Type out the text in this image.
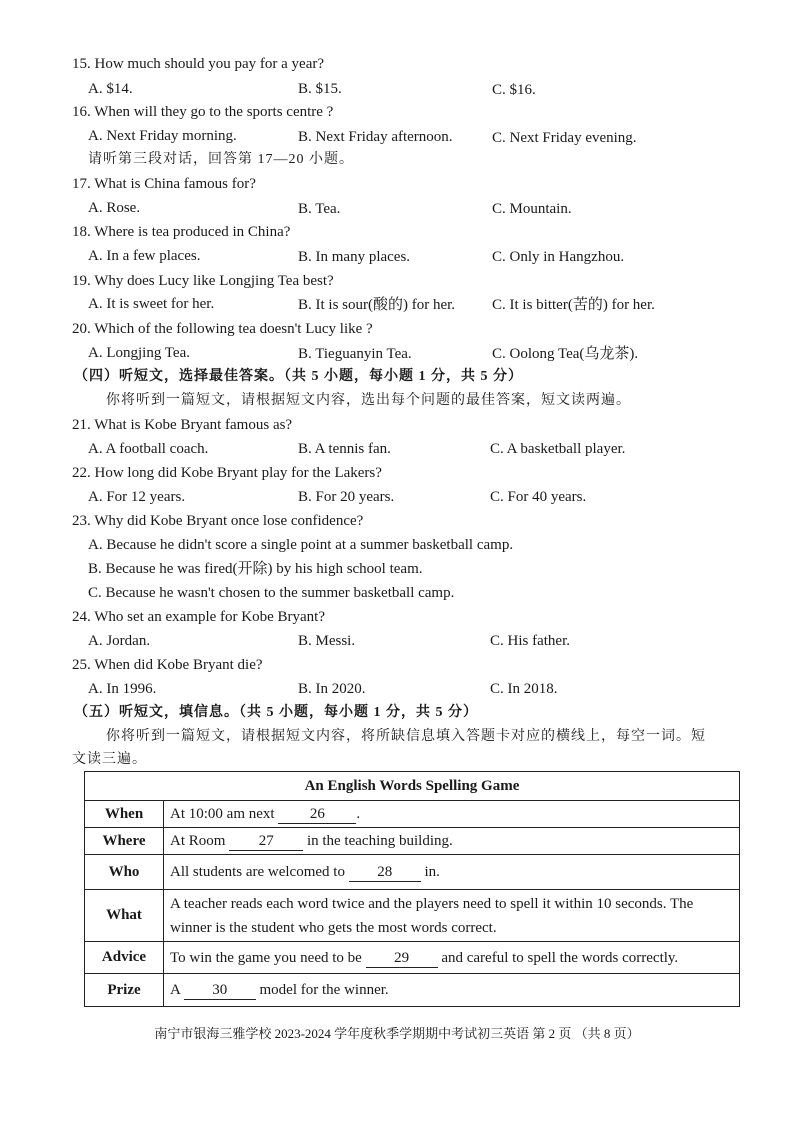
15. How much should you pay for a year?
A. $14.	B. $15.	C. $16.
16. When will they go to the sports centre ?
A. Next Friday morning.	B. Next Friday afternoon.	C. Next Friday evening.
请听第三段对话，回答第 17—20 小题。
17. What is China famous for?
A. Rose.	B. Tea.	C. Mountain.
18. Where is tea produced in China?
A. In a few places.	B. In many places.	C. Only in Hangzhou.
19. Why does Lucy like Longjing Tea best?
A. It is sweet for her.	B. It is sour(酸的) for her. C. It is bitter(苦的) for her.
20. Which of the following tea doesn't Lucy like ?
A. Longjing Tea.	B. Tieguanyin Tea.	C. Oolong Tea(乌龙茶).
（四）听短文，选择最佳答案。（共 5 小题，每小题 1 分，共 5 分）
你将听到一篇短文，请根据短文内容，选出每个问题的最佳答案，短文读两遍。
21. What is Kobe Bryant famous as?
A. A football coach.	B. A tennis fan.	C. A basketball player.
22. How long did Kobe Bryant play for the Lakers?
A. For 12 years.	B. For 20 years.	C. For 40 years.
23. Why did Kobe Bryant once lose confidence?
A. Because he didn't score a single point at a summer basketball camp.
B. Because he was fired(开除) by his high school team.
C. Because he wasn't chosen to the summer basketball camp.
24. Who set an example for Kobe Bryant?
A. Jordan.	B. Messi.	C. His father.
25. When did Kobe Bryant die?
A. In 1996.	B. In 2020.	C. In 2018.
（五）听短文，填信息。（共 5 小题，每小题 1 分，共 5 分）
你将听到一篇短文，请根据短文内容，将所缺信息填入答题卡对应的横线上，每空一词。短
文读三遍。
An English Words Spelling Game	
When	At 10:00 am next 26 .
Where	At Room 27 in the teaching building.
Who	All students are welcomed to 28 in.
What	A teacher reads each word twice and the players need to spell it within 10 seconds. The winner is the student who gets the most words correct.
Advice	To win the game you need to be 29 and careful to spell the words correctly.
Prize	A 30 model for the winner.
南宁市银海三雅学校 2023-2024 学年度秋季学期期中考试初三英语 第 2 页 （共 8 页）
